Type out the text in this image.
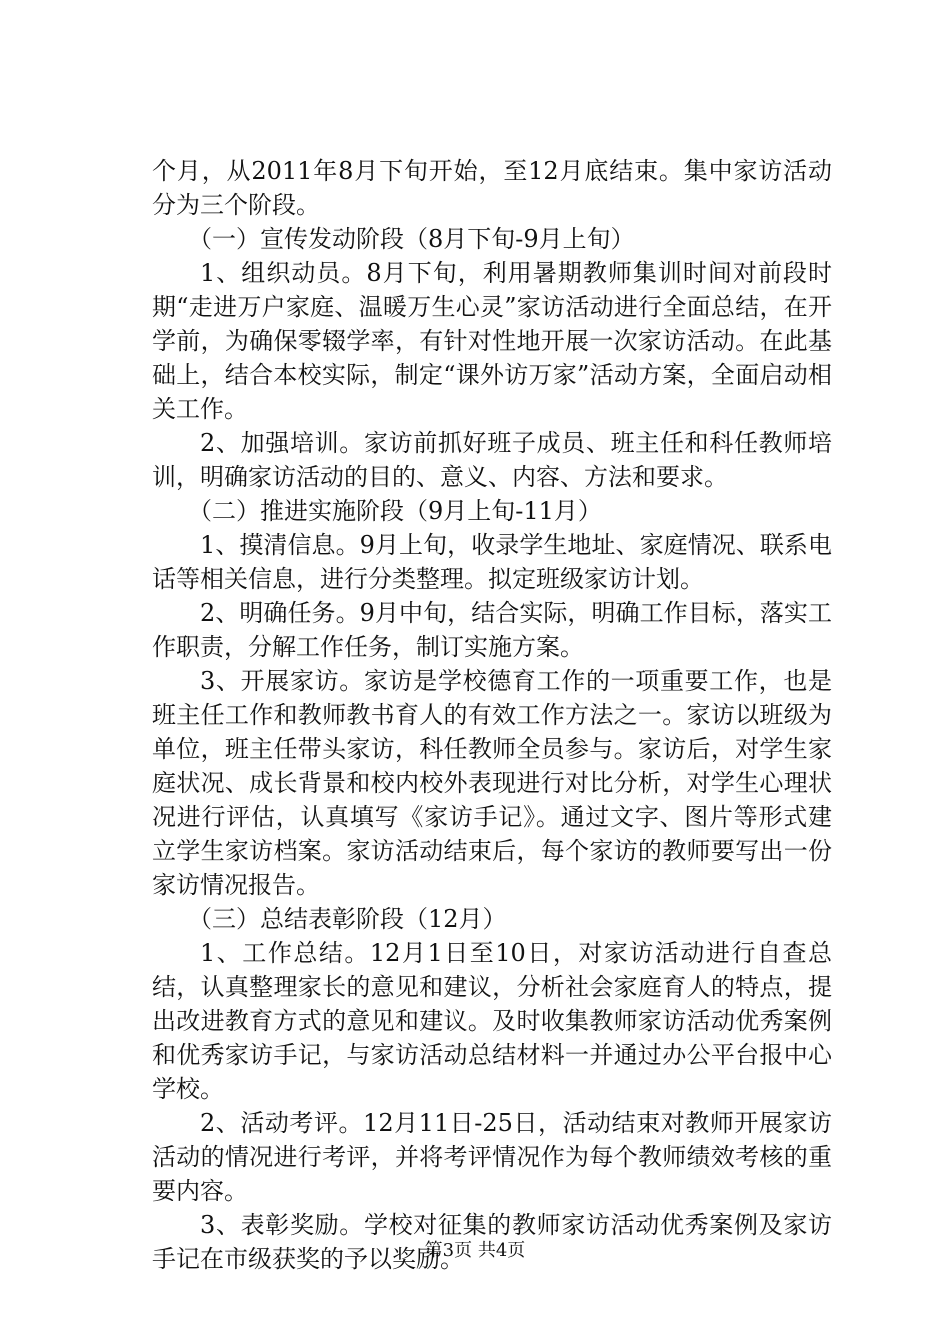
个月，从2011年8月下旬开始，至12月底结束。集中家访活动分为三个阶段。

（一）宣传发动阶段（8月下旬-9月上旬）

1、组织动员。8月下旬，利用暑期教师集训时间对前段时期“走进万户家庭、温暖万生心灵”家访活动进行全面总结，在开学前，为确保零辍学率，有针对性地开展一次家访活动。在此基础上，结合本校实际，制定“课外访万家”活动方案，全面启动相关工作。

2、加强培训。家访前抓好班子成员、班主任和科任教师培训，明确家访活动的目的、意义、内容、方法和要求。

（二）推进实施阶段（9月上旬-11月）

1、摸清信息。9月上旬，收录学生地址、家庭情况、联系电话等相关信息，进行分类整理。拟定班级家访计划。

2、明确任务。9月中旬，结合实际，明确工作目标，落实工作职责，分解工作任务，制订实施方案。

3、开展家访。家访是学校德育工作的一项重要工作，也是班主任工作和教师教书育人的有效工作方法之一。家访以班级为单位，班主任带头家访，科任教师全员参与。家访后，对学生家庭状况、成长背景和校内校外表现进行对比分析，对学生心理状况进行评估，认真填写《家访手记》。通过文字、图片等形式建立学生家访档案。家访活动结束后，每个家访的教师要写出一份家访情况报告。

（三）总结表彰阶段（12月）

1、工作总结。12月1日至10日，对家访活动进行自查总结，认真整理家长的意见和建议，分析社会家庭育人的特点，提出改进教育方式的意见和建议。及时收集教师家访活动优秀案例和优秀家访手记，与家访活动总结材料一并通过办公平台报中心学校。

2、活动考评。12月11日-25日，活动结束对教师开展家访活动的情况进行考评，并将考评情况作为每个教师绩效考核的重要内容。

3、表彰奖励。学校对征集的教师家访活动优秀案例及家访手记在市级获奖的予以奖励。

第3页 共4页
